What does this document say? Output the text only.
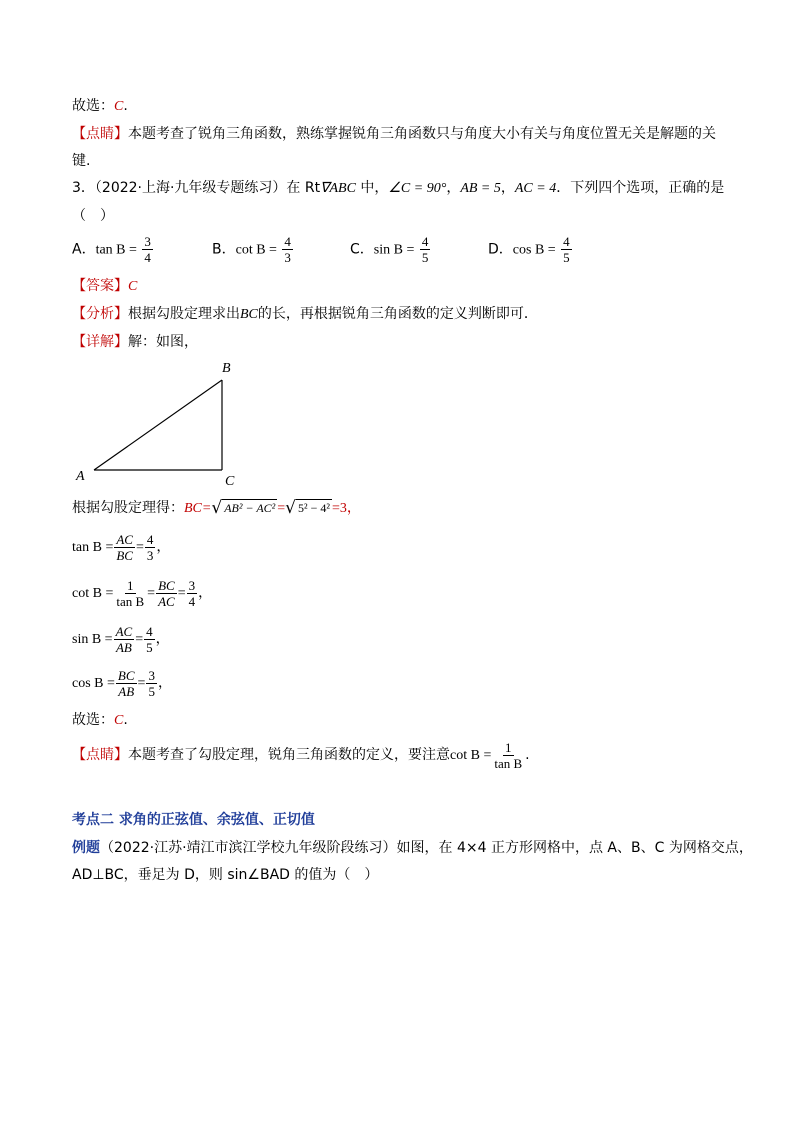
故选：C.
【点睛】本题考查了锐角三角函数，熟练掌握锐角三角函数只与角度大小有关与角度位置无关是解题的关
键.
3．（2022·上海·九年级专题练习）在 Rt∇ABC 中，∠C = 90°，AB = 5，AC = 4．下列四个选项，正确的是
（　）
A．$\tan B = \frac{3}{4}$	B．$\cot B = \frac{4}{3}$	C．$\sin B = \frac{4}{5}$	D．$\cos B = \frac{4}{5}$
【答案】C
【分析】根据勾股定理求出BC的长，再根据锐角三角函数的定义判断即可．
【详解】解：如图，
A
B
C
根据勾股定理得：BC= √ AB² − AC² = √ 5² − 4² =3，
$\tan B = \frac{AC}{BC} = \frac{4}{3}$ ，
$\cot B = \frac{1}{\text{tan B}} = \frac{BC}{AC} = \frac{3}{4}$ ，
$\sin B = \frac{AC}{AB} = \frac{4}{5}$ ，
$\cos B = \frac{BC}{AB} = \frac{3}{5}$ ，
故选：C.
【点睛】本题考查了勾股定理，锐角三角函数的定义，要注意$\cot B = \frac{1}{\text{tan B}}$ .
考点二 求角的正弦值、余弦值、正切值
例题（2022·江苏·靖江市滨江学校九年级阶段练习）如图，在 4×4 正方形网格中，点 A、B、C 为网格交点，
AD⊥BC，垂足为 D，则 sin∠BAD 的值为（　）
